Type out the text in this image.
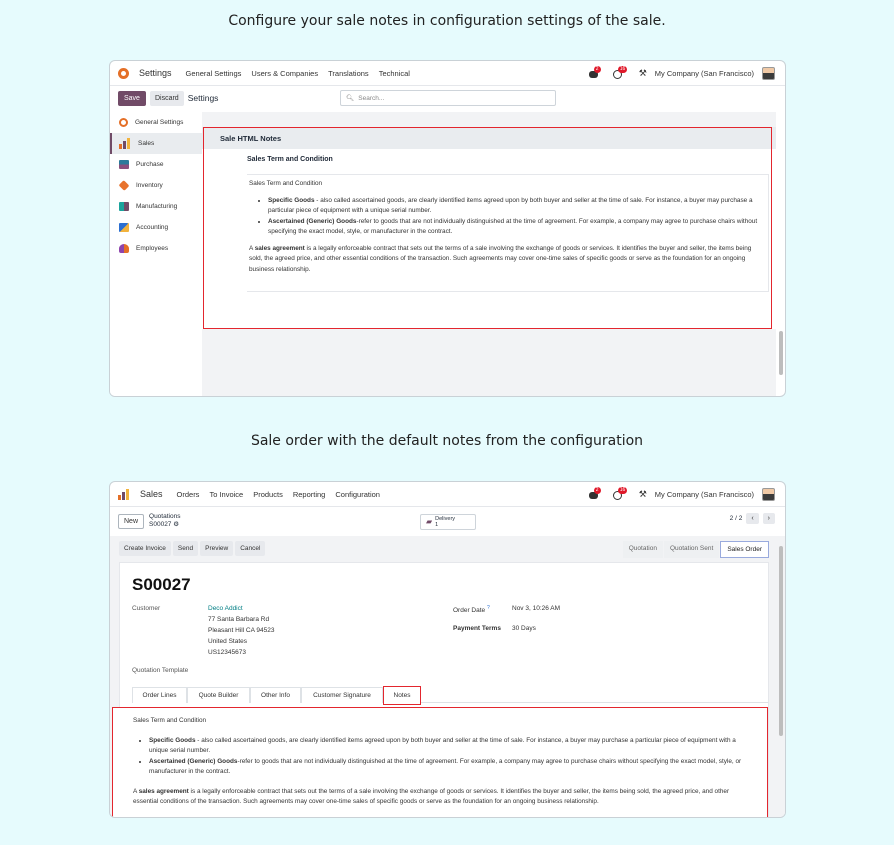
Configure your sale notes in configuration settings of the sale.
Sale order with the default notes from the configuration
Settings General Settings Users & Companies Translations Technical	2	16 ⚒ My Company (San Francisco)
Save	Discard	Settings	🔍︎ Search...
General Settings
Sales
Purchase
Inventory
Manufacturing
Accounting
Employees
Sale HTML Notes
Sales Term and Condition
Sales Term and Condition
• Specific Goods - also called ascertained goods, are clearly identified items agreed upon by both buyer and seller at the time of sale. For instance, a buyer may purchase a particular piece of equipment with a unique serial number.
• Ascertained (Generic) Goods-refer to goods that are not individually distinguished at the time of agreement. For example, a company may agree to purchase chairs without specifying the exact model, style, or manufacturer in the contract.
A sales agreement is a legally enforceable contract that sets out the terms of a sale involving the exchange of goods or services. It identifies the buyer and seller, the items being sold, the agreed price, and other essential conditions of the transaction. Such agreements may cover one-time sales of specific goods or serve as the foundation for an ongoing business relationship.
Sales Orders To Invoice Products Reporting Configuration	2	16 ⚒ My Company (San Francisco)
New
Quotations
S00027 ⚙	▰ Delivery
1
2 / 2	‹	›
Create Invoice	Send	Preview	Cancel	Quotation	Quotation Sent	Sales Order
S00027
Customer	Deco Addict
77 Santa Barbara Rd
Pleasant Hill CA 94523
United States
US12345673
Order Date ?	Nov 3, 10:26 AM
Payment Terms 30 Days
Quotation Template
Order Lines	Quote Builder	Other Info	Customer Signature	Notes
Sales Term and Condition
• Specific Goods - also called ascertained goods, are clearly identified items agreed upon by both buyer and seller at the time of sale. For instance, a buyer may purchase a particular piece of equipment with a unique serial number.
• Ascertained (Generic) Goods-refer to goods that are not individually distinguished at the time of agreement. For example, a company may agree to purchase chairs without specifying the exact model, style, or manufacturer in the contract.
A sales agreement is a legally enforceable contract that sets out the terms of a sale involving the exchange of goods or services. It identifies the buyer and seller, the items being sold, the agreed price, and other essential conditions of the transaction. Such agreements may cover one-time sales of specific goods or serve as the foundation for an ongoing business relationship.
